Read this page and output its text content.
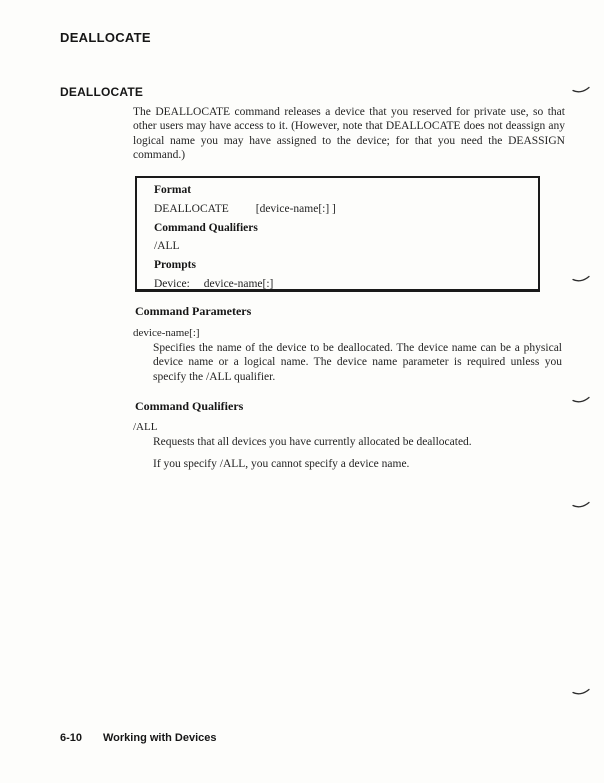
DEALLOCATE
DEALLOCATE

The DEALLOCATE command releases a device that you reserved for private use, so that other users may have access to it. (However, note that DEALLOCATE does not deassign any logical name you may have assigned to the device; for that you need the DEASSIGN command.)

Format
DEALLOCATE [device-name[:] ]
Command Qualifiers
/ALL
Prompts
Device: device-name[:]
Command Parameters
device-name[:]

Specifies the name of the device to be deallocated. The device name can be a physical device name or a logical name. The device name parameter is required unless you specify the /ALL qualifier.

Command Qualifiers
/ALL

Requests that all devices you have currently allocated be deallocated.

If you specify /ALL, you cannot specify a device name.

6-10	Working with Devices
